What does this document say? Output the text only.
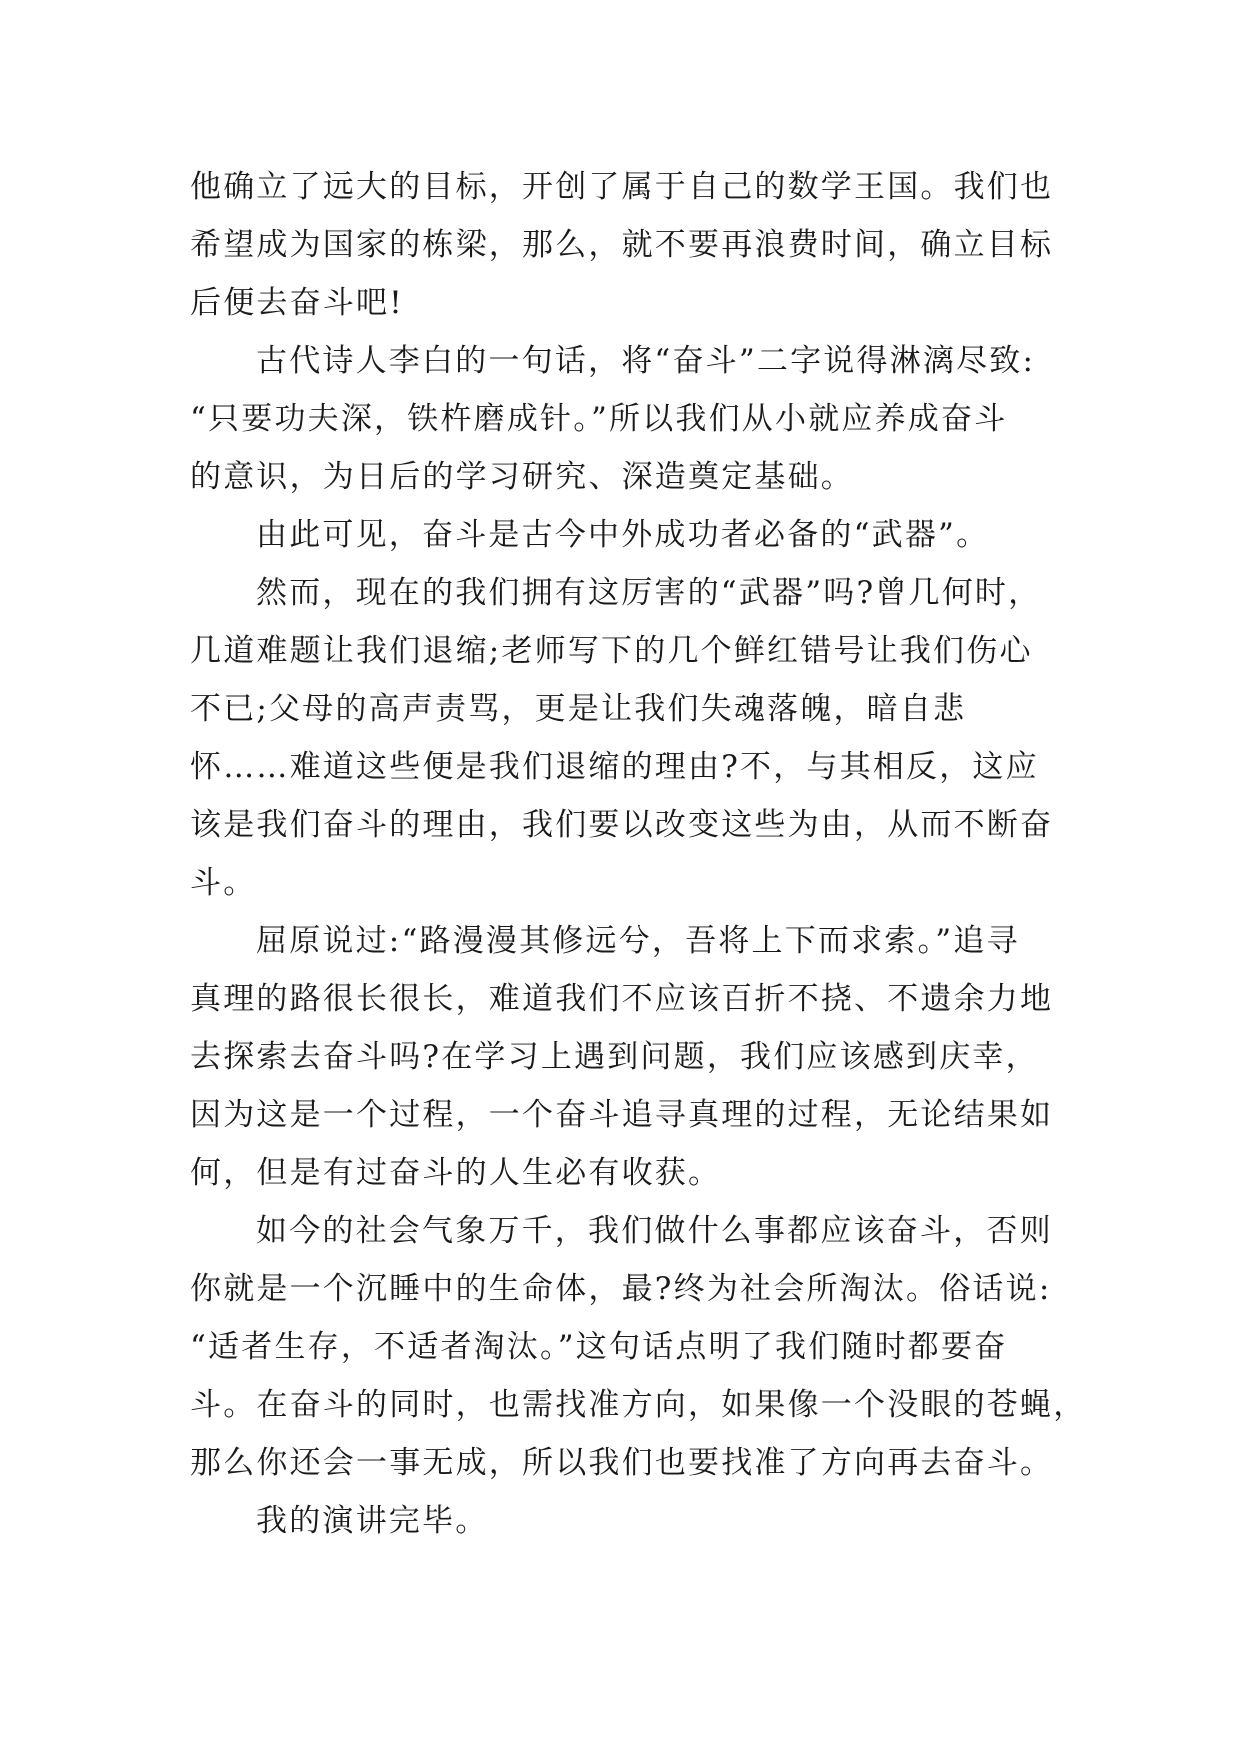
他确立了远大的目标，开创了属于自己的数学王国。我们也
希望成为国家的栋梁，那么，就不要再浪费时间，确立目标
后便去奋斗吧!
古代诗人李白的一句话，将“奋斗”二字说得淋漓尽致:
“只要功夫深，铁杵磨成针。”所以我们从小就应养成奋斗
的意识，为日后的学习研究、深造奠定基础。
由此可见，奋斗是古今中外成功者必备的“武器”。
然而，现在的我们拥有这厉害的“武器”吗?曾几何时，
几道难题让我们退缩;老师写下的几个鲜红错号让我们伤心
不已;父母的高声责骂，更是让我们失魂落魄，暗自悲
怀……难道这些便是我们退缩的理由?不，与其相反，这应
该是我们奋斗的理由，我们要以改变这些为由，从而不断奋
斗。
屈原说过:“路漫漫其修远兮，吾将上下而求索。”追寻
真理的路很长很长，难道我们不应该百折不挠、不遗余力地
去探索去奋斗吗?在学习上遇到问题，我们应该感到庆幸，
因为这是一个过程，一个奋斗追寻真理的过程，无论结果如
何，但是有过奋斗的人生必有收获。
如今的社会气象万千，我们做什么事都应该奋斗，否则
你就是一个沉睡中的生命体，最?终为社会所淘汰。俗话说:
“适者生存，不适者淘汰。”这句话点明了我们随时都要奋
斗。在奋斗的同时，也需找准方向，如果像一个没眼的苍蝇，
那么你还会一事无成，所以我们也要找准了方向再去奋斗。
我的演讲完毕。
